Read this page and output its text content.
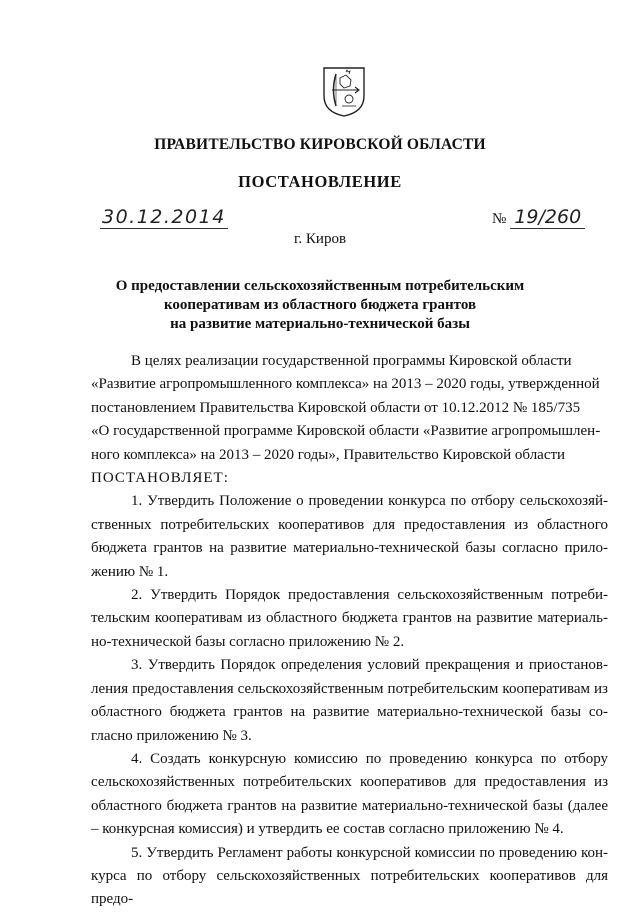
ПРАВИТЕЛЬСТВО КИРОВСКОЙ ОБЛАСТИ
ПОСТАНОВЛЕНИЕ
30.12.2014	№ 19/260
г. Киров
О предоставлении сельскохозяйственным потребительским
кооперативам из областного бюджета грантов
на развитие материально-технической базы

В целях реализации государственной программы Кировской области
«Развитие агропромышленного комплекса» на 2013 – 2020 годы, утвержденной
постановлением Правительства Кировской области от 10.12.2012 № 185/735
«О государственной программе Кировской области «Развитие агропромышлен-
ного комплекса» на 2013 – 2020 годы», Правительство Кировской области
ПОСТАНОВЛЯЕТ:

1. Утвердить Положение о проведении конкурса по отбору сельскохозяй-ственных потребительских кооперативов для предоставления из областного бюджета грантов на развитие материально-технической базы согласно прило-жению № 1.

2. Утвердить Порядок предоставления сельскохозяйственным потреби-тельским кооперативам из областного бюджета грантов на развитие материаль-но-технической базы согласно приложению № 2.

3. Утвердить Порядок определения условий прекращения и приостанов-ления предоставления сельскохозяйственным потребительским кооперативам из областного бюджета грантов на развитие материально-технической базы со-гласно приложению № 3.

4. Создать конкурсную комиссию по проведению конкурса по отбору сельскохозяйственных потребительских кооперативов для предоставления из областного бюджета грантов на развитие материально-технической базы (далее – конкурсная комиссия) и утвердить ее состав согласно приложению № 4.

5. Утвердить Регламент работы конкурсной комиссии по проведению кон-курса по отбору сельскохозяйственных потребительских кооперативов для предо-
